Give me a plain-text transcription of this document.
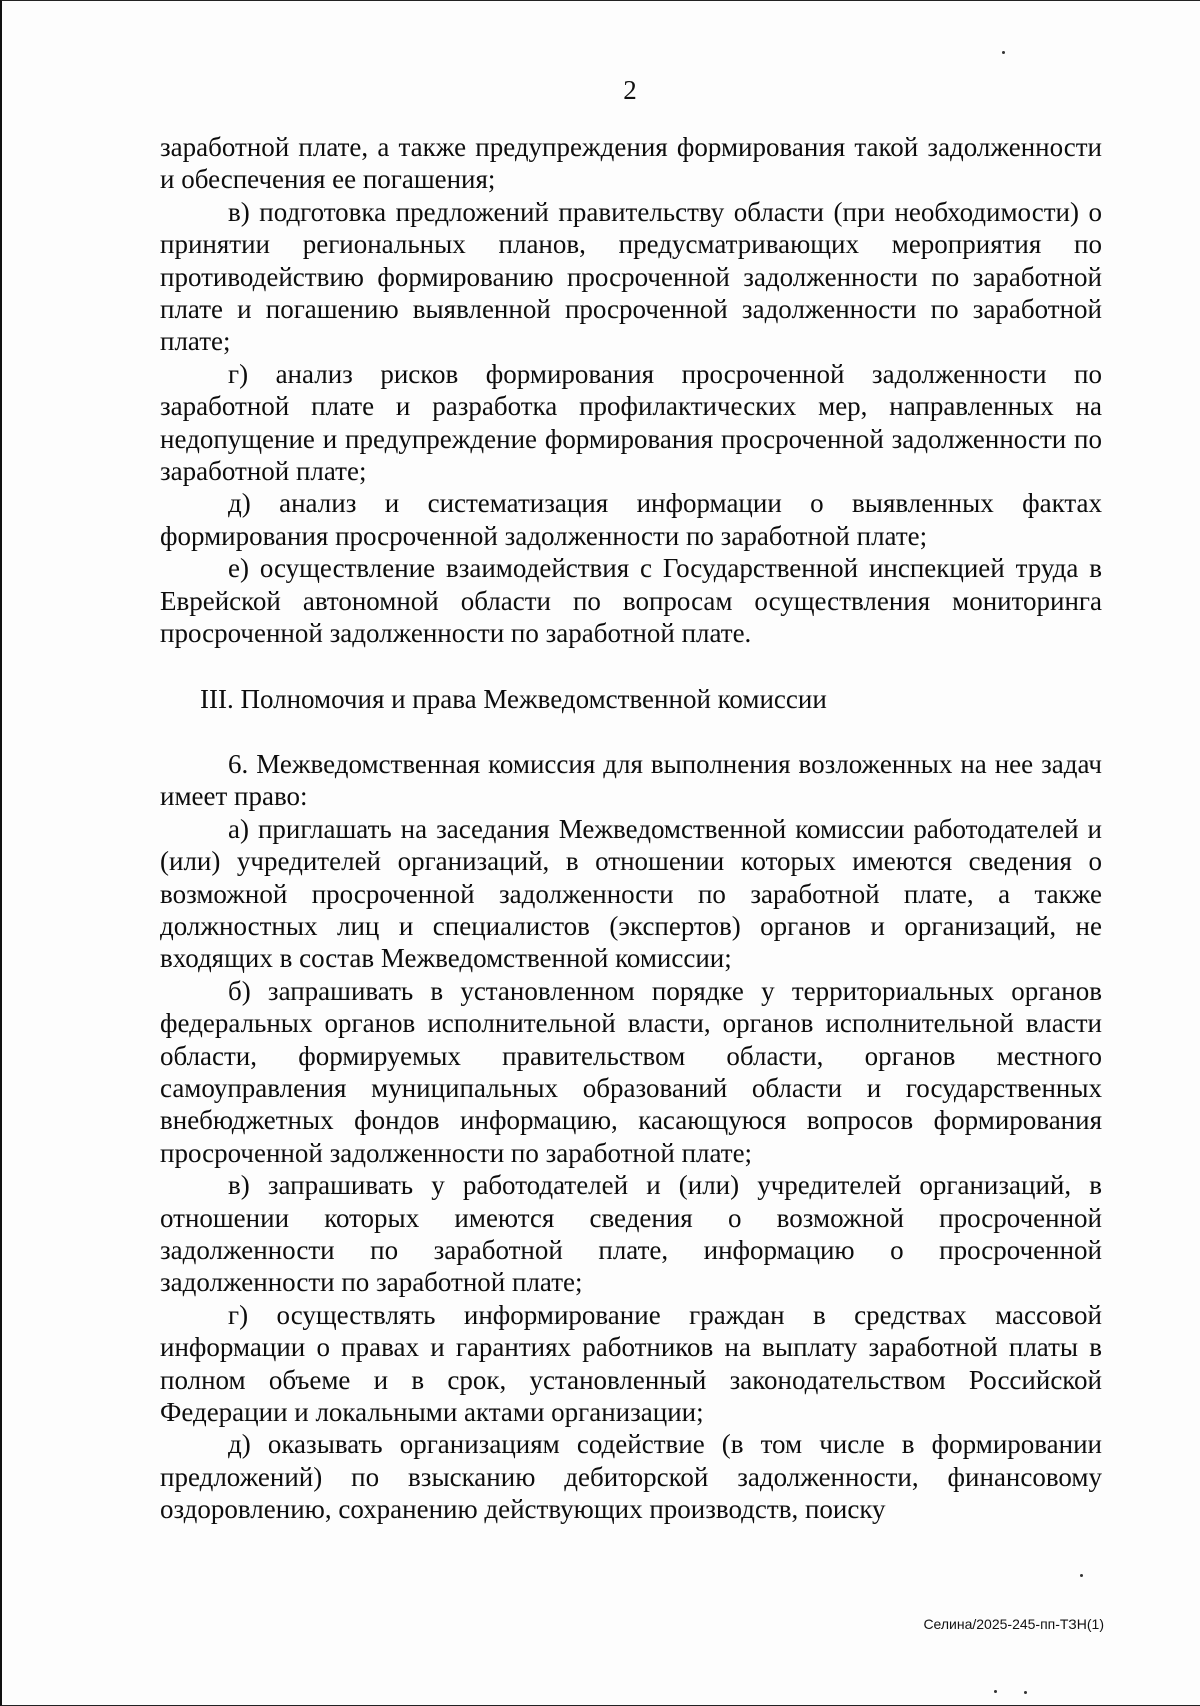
2

заработной плате, а также предупреждения формирования такой задолженности и обеспечения ее погашения;

в) подготовка предложений правительству области (при необходимости) о принятии региональных планов, предусматривающих мероприятия по противодействию формированию просроченной задолженности по заработной плате и погашению выявленной просроченной задолженности по заработной плате;

г) анализ рисков формирования просроченной задолженности по заработной плате и разработка профилактических мер, направленных на недопущение и предупреждение формирования просроченной задолженности по заработной плате;

д) анализ и систематизация информации о выявленных фактах формирования просроченной задолженности по заработной плате;

е) осуществление взаимодействия с Государственной инспекцией труда в Еврейской автономной области по вопросам осуществления мониторинга просроченной задолженности по заработной плате.

III. Полномочия и права Межведомственной комиссии

6. Межведомственная комиссия для выполнения возложенных на нее задач имеет право:

а) приглашать на заседания Межведомственной комиссии работодателей и (или) учредителей организаций, в отношении которых имеются сведения о возможной просроченной задолженности по заработной плате, а также должностных лиц и специалистов (экспертов) органов и организаций, не входящих в состав Межведомственной комиссии;

б) запрашивать в установленном порядке у территориальных органов федеральных органов исполнительной власти, органов исполнительной власти области, формируемых правительством области, органов местного самоуправления муниципальных образований области и государственных внебюджетных фондов информацию, касающуюся вопросов формирования просроченной задолженности по заработной плате;

в) запрашивать у работодателей и (или) учредителей организаций, в отношении которых имеются сведения о возможной просроченной задолженности по заработной плате, информацию о просроченной задолженности по заработной плате;

г) осуществлять информирование граждан в средствах массовой информации о правах и гарантиях работников на выплату заработной платы в полном объеме и в срок, установленный законодательством Российской Федерации и локальными актами организации;

д) оказывать организациям содействие (в том числе в формировании предложений) по взысканию дебиторской задолженности, финансовому оздоровлению, сохранению действующих производств, поиску

Селина/2025-245-пп-ТЗН(1)
